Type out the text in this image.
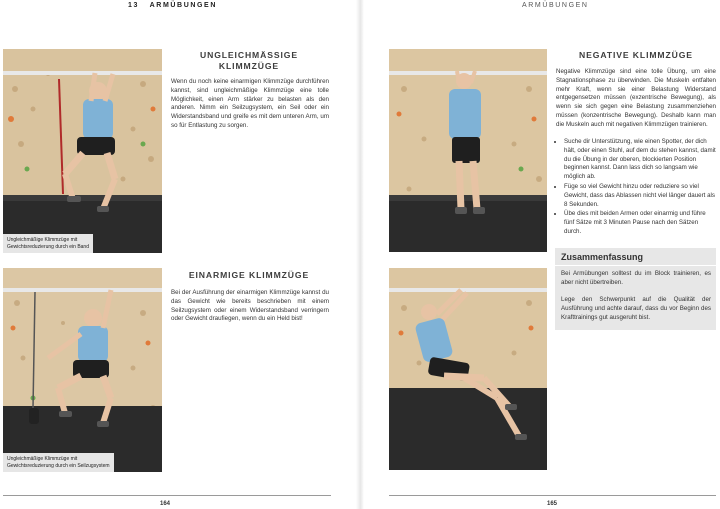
13 ARMÜBUNGEN	ARMÜBUNGEN
Ungleichmäßige Klimmzüge mit
Gewichtsreduzierung durch ein Band
UNGLEICHMÄSSIGE
KLIMMZÜGE

Wenn du noch keine einarmigen Klimmzüge durchführen kannst, sind ungleichmäßige Klimmzüge eine tolle Möglichkeit, einen Arm stärker zu belasten als den anderen. Nimm ein Seilzugsystem, ein Seil oder ein Widerstandsband und greife es mit dem unteren Arm, um so für Entlastung zu sorgen.

Ungleichmäßige Klimmzüge mit
Gewichtsreduzierung durch ein Seilzugsystem
EINARMIGE KLIMMZÜGE

Bei der Ausführung der einarmigen Klimmzüge kannst du das Gewicht wie bereits beschrieben mit einem Seilzugsystem oder einem Widerstandsband verringern oder Gewicht draufiegen, wenn du ein Held bist!

NEGATIVE KLIMMZÜGE

Negative Klimmzüge sind eine tolle Übung, um eine Stagnationsphase zu überwinden. Die Muskeln entfalten mehr Kraft, wenn sie einer Belastung Widerstand entgegensetzen müssen (exzentrische Bewegung), als wenn sie sich gegen eine Belastung zusammenziehen müssen (konzentrische Bewegung). Deshalb kann man die Muskeln auch mit negativen Klimmzügen trainieren.

• Suche dir Unterstützung, wie einen Spotter, der dich hält, oder einen Stuhl, auf dem du stehen kannst, damit du die Übung in der oberen, blockierten Position beginnen kannst. Dann lass dich so langsam wie möglich ab.
• Füge so viel Gewicht hinzu oder reduziere so viel Gewicht, dass das Ablassen nicht viel länger dauert als 8 Sekunden.
• Übe dies mit beiden Armen oder einarmig und führe fünf Sätze mit 3 Minuten Pause nach den Sätzen durch.
Zusammenfassung

Bei Armübungen solltest du im Block trainieren, es aber nicht übertreiben.

Lege den Schwerpunkt auf die Qualität der Ausführung und achte darauf, dass du vor Beginn des Krafttrainings gut ausgeruht bist.

164	165
